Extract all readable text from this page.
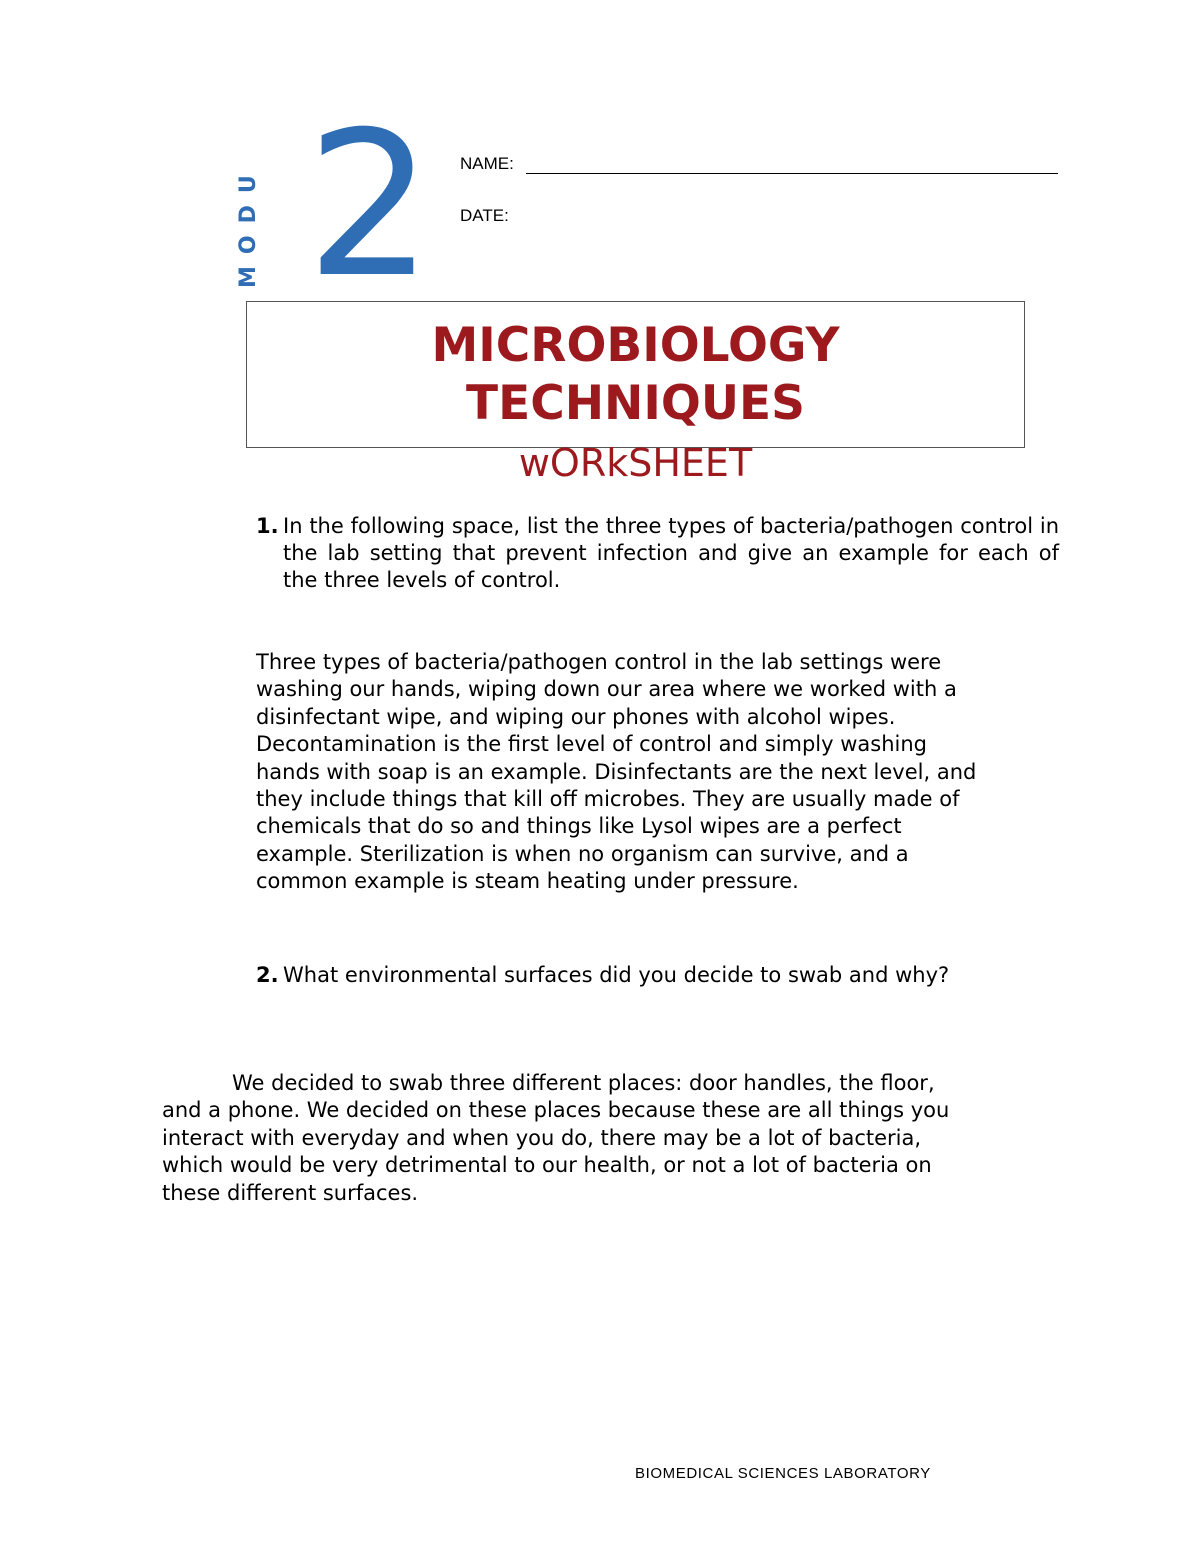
MODU 2 NAME:
DATE:
MICROBIOLOGY
TECHNIQUES
wORkSHEET
1. In the following space, list the three types of bacteria/pathogen control in the lab setting that prevent infection and give an example for each of the three levels of control.
Three types of bacteria/pathogen control in the lab settings were
washing our hands, wiping down our area where we worked with a
disinfectant wipe, and wiping our phones with alcohol wipes.
Decontamination is the first level of control and simply washing
hands with soap is an example. Disinfectants are the next level, and
they include things that kill off microbes. They are usually made of
chemicals that do so and things like Lysol wipes are a perfect
example. Sterilization is when no organism can survive, and a
common example is steam heating under pressure.
2. What environmental surfaces did you decide to swab and why?
We decided to swab three different places: door handles, the floor,
and a phone. We decided on these places because these are all things you
interact with everyday and when you do, there may be a lot of bacteria,
which would be very detrimental to our health, or not a lot of bacteria on
these different surfaces.
BIOMEDICAL SCIENCES LABORATORY
